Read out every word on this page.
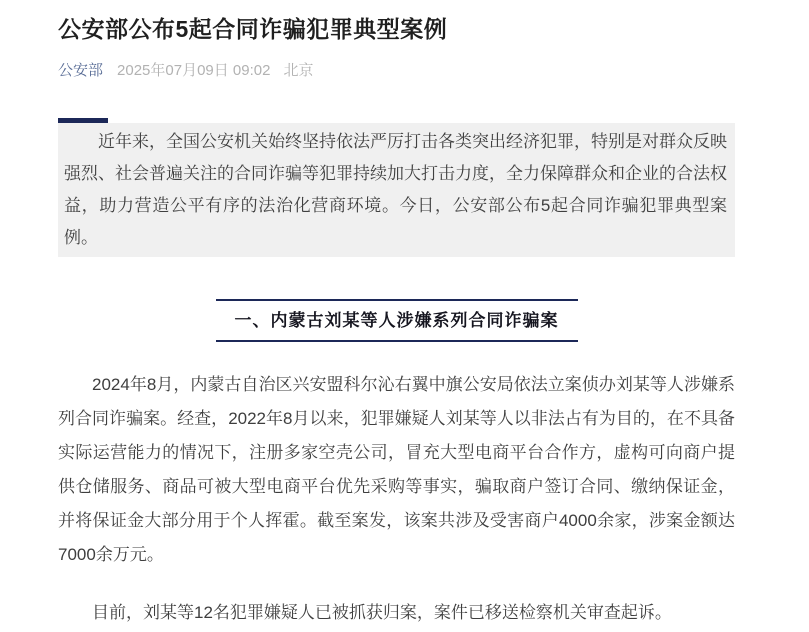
公安部公布5起合同诈骗犯罪典型案例
公安部 2025年07月09日 09:02 北京

近年来，全国公安机关始终坚持依法严厉打击各类突出经济犯罪，特别是对群众反映强烈、社会普遍关注的合同诈骗等犯罪持续加大打击力度，全力保障群众和企业的合法权益，助力营造公平有序的法治化营商环境。今日，公安部公布5起合同诈骗犯罪典型案例。

一、内蒙古刘某等人涉嫌系列合同诈骗案

2024年8月，内蒙古自治区兴安盟科尔沁右翼中旗公安局依法立案侦办刘某等人涉嫌系列合同诈骗案。经查，2022年8月以来，犯罪嫌疑人刘某等人以非法占有为目的，在不具备实际运营能力的情况下，注册多家空壳公司，冒充大型电商平台合作方，虚构可向商户提供仓储服务、商品可被大型电商平台优先采购等事实，骗取商户签订合同、缴纳保证金，并将保证金大部分用于个人挥霍。截至案发，该案共涉及受害商户4000余家，涉案金额达7000余万元。

目前，刘某等12名犯罪嫌疑人已被抓获归案，案件已移送检察机关审查起诉。
